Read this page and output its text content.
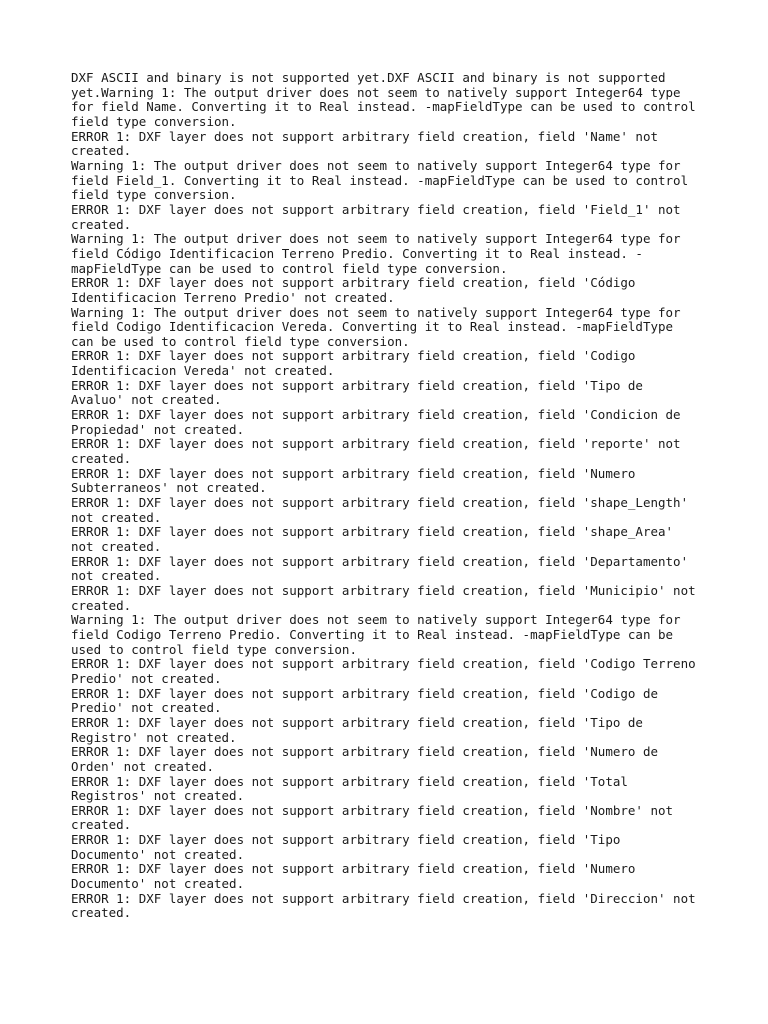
DXF ASCII and binary is not supported yet.DXF ASCII and binary is not supported
yet.Warning 1: The output driver does not seem to natively support Integer64 type
for field Name. Converting it to Real instead. -mapFieldType can be used to control
field type conversion.
ERROR 1: DXF layer does not support arbitrary field creation, field 'Name' not
created.
Warning 1: The output driver does not seem to natively support Integer64 type for
field Field_1. Converting it to Real instead. -mapFieldType can be used to control
field type conversion.
ERROR 1: DXF layer does not support arbitrary field creation, field 'Field_1' not
created.
Warning 1: The output driver does not seem to natively support Integer64 type for
field Código Identificacion Terreno Predio. Converting it to Real instead. -
mapFieldType can be used to control field type conversion.
ERROR 1: DXF layer does not support arbitrary field creation, field 'Código
Identificacion Terreno Predio' not created.
Warning 1: The output driver does not seem to natively support Integer64 type for
field Codigo Identificacion Vereda. Converting it to Real instead. -mapFieldType
can be used to control field type conversion.
ERROR 1: DXF layer does not support arbitrary field creation, field 'Codigo
Identificacion Vereda' not created.
ERROR 1: DXF layer does not support arbitrary field creation, field 'Tipo de
Avaluo' not created.
ERROR 1: DXF layer does not support arbitrary field creation, field 'Condicion de
Propiedad' not created.
ERROR 1: DXF layer does not support arbitrary field creation, field 'reporte' not
created.
ERROR 1: DXF layer does not support arbitrary field creation, field 'Numero
Subterraneos' not created.
ERROR 1: DXF layer does not support arbitrary field creation, field 'shape_Length'
not created.
ERROR 1: DXF layer does not support arbitrary field creation, field 'shape_Area'
not created.
ERROR 1: DXF layer does not support arbitrary field creation, field 'Departamento'
not created.
ERROR 1: DXF layer does not support arbitrary field creation, field 'Municipio' not
created.
Warning 1: The output driver does not seem to natively support Integer64 type for
field Codigo Terreno Predio. Converting it to Real instead. -mapFieldType can be
used to control field type conversion.
ERROR 1: DXF layer does not support arbitrary field creation, field 'Codigo Terreno
Predio' not created.
ERROR 1: DXF layer does not support arbitrary field creation, field 'Codigo de
Predio' not created.
ERROR 1: DXF layer does not support arbitrary field creation, field 'Tipo de
Registro' not created.
ERROR 1: DXF layer does not support arbitrary field creation, field 'Numero de
Orden' not created.
ERROR 1: DXF layer does not support arbitrary field creation, field 'Total
Registros' not created.
ERROR 1: DXF layer does not support arbitrary field creation, field 'Nombre' not
created.
ERROR 1: DXF layer does not support arbitrary field creation, field 'Tipo
Documento' not created.
ERROR 1: DXF layer does not support arbitrary field creation, field 'Numero
Documento' not created.
ERROR 1: DXF layer does not support arbitrary field creation, field 'Direccion' not
created.
